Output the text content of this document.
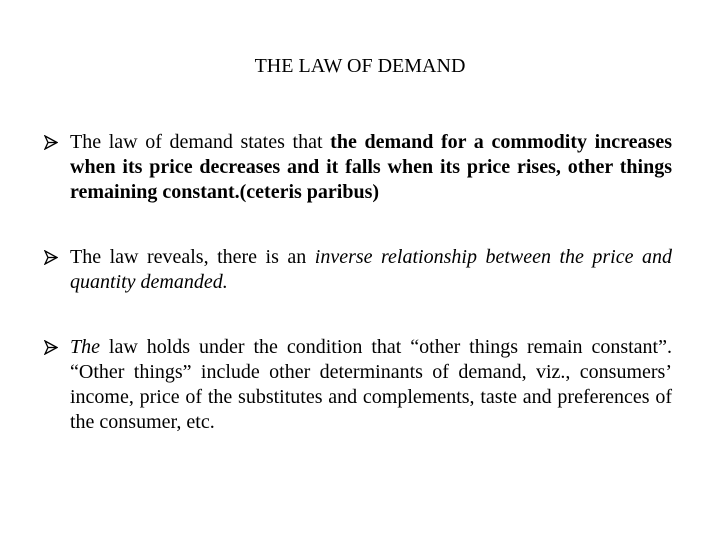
THE LAW OF DEMAND
The law of demand states that the demand for a commodity increases when its price decreases and it falls when its price rises, other things remaining constant.(ceteris paribus)
The law reveals, there is an inverse relationship between the price and quantity demanded.
The law holds under the condition that “other things remain constant”. “Other things” include other determinants of demand, viz., consumers’ income, price of the substitutes and complements, taste and preferences of the consumer, etc.
